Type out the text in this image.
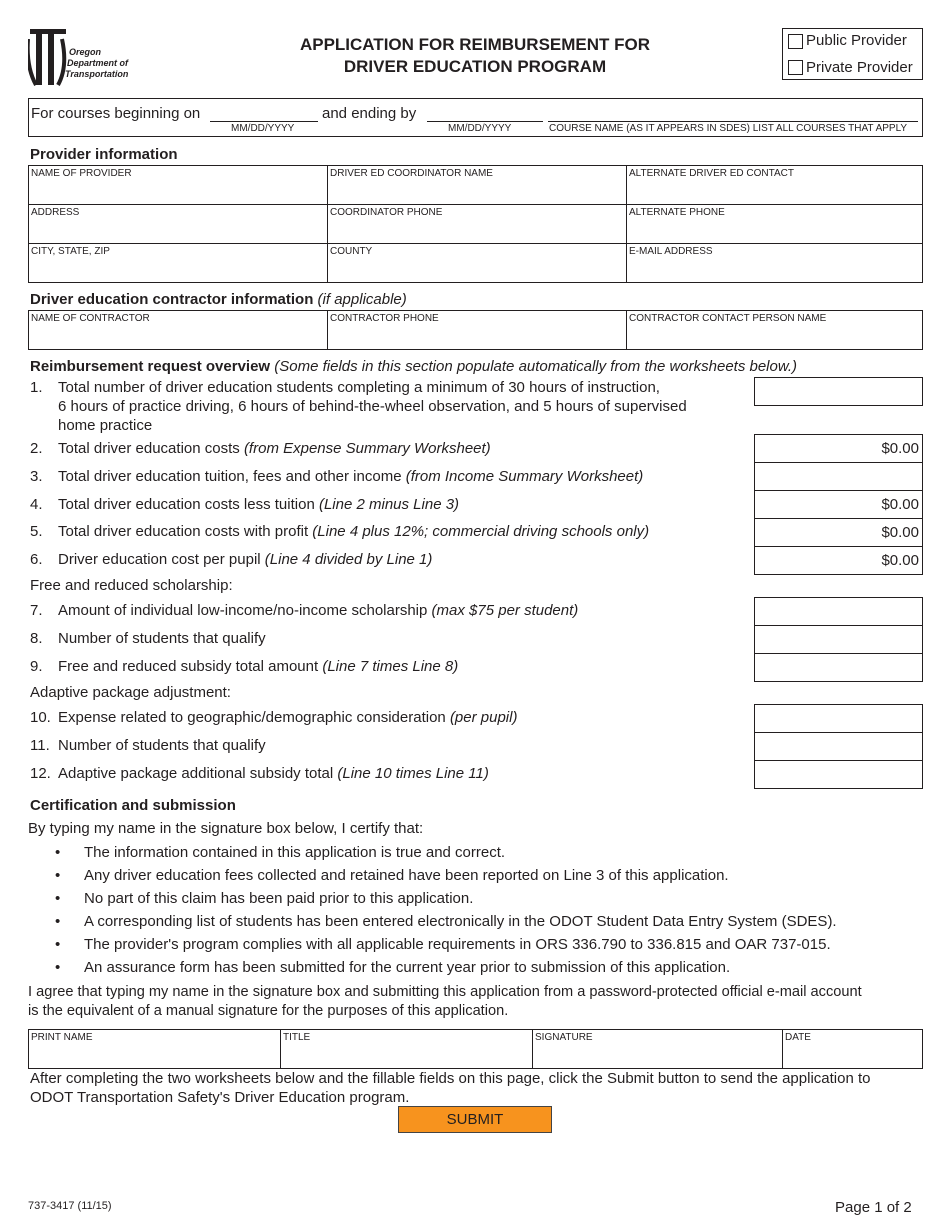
Oregon
Department of
Transportation
APPLICATION FOR REIMBURSEMENT FOR
DRIVER EDUCATION PROGRAM
Public Provider
Private Provider
For courses beginning on
MM/DD/YYYY
and ending by
MM/DD/YYYY	COURSE NAME (AS IT APPEARS IN SDES) LIST ALL COURSES THAT APPLY
Provider information
NAME OF PROVIDER	DRIVER ED COORDINATOR NAME	ALTERNATE DRIVER ED CONTACT
ADDRESS	COORDINATOR PHONE	ALTERNATE PHONE
CITY, STATE, ZIP	COUNTY	E-MAIL ADDRESS
Driver education contractor information (if applicable)
NAME OF CONTRACTOR	CONTRACTOR PHONE	CONTRACTOR CONTACT PERSON NAME
Reimbursement request overview (Some fields in this section populate automatically from the worksheets below.)
1. Total number of driver education students completing a minimum of 30 hours of instruction,
6 hours of practice driving, 6 hours of behind-the-wheel observation, and 5 hours of supervised
home practice
2. Total driver education costs (from Expense Summary Worksheet)	$0.00
3. Total driver education tuition, fees and other income (from Income Summary Worksheet)
4. Total driver education costs less tuition (Line 2 minus Line 3)	$0.00
5. Total driver education costs with profit (Line 4 plus 12%; commercial driving schools only)	$0.00
6. Driver education cost per pupil (Line 4 divided by Line 1)	$0.00
Free and reduced scholarship:
7. Amount of individual low-income/no-income scholarship (max $75 per student)
8. Number of students that qualify
9. Free and reduced subsidy total amount (Line 7 times Line 8)
Adaptive package adjustment:
10. Expense related to geographic/demographic consideration (per pupil)
11. Number of students that qualify
12. Adaptive package additional subsidy total (Line 10 times Line 11)
Certification and submission
By typing my name in the signature box below, I certify that:
• The information contained in this application is true and correct.
• Any driver education fees collected and retained have been reported on Line 3 of this application.
• No part of this claim has been paid prior to this application.
• A corresponding list of students has been entered electronically in the ODOT Student Data Entry System (SDES).
• The provider's program complies with all applicable requirements in ORS 336.790 to 336.815 and OAR 737-015.
• An assurance form has been submitted for the current year prior to submission of this application.
I agree that typing my name in the signature box and submitting this application from a password-protected official e-mail account
is the equivalent of a manual signature for the purposes of this application.
PRINT NAME	TITLE	SIGNATURE	DATE
After completing the two worksheets below and the fillable fields on this page, click the Submit button to send the application to
ODOT Transportation Safety's Driver Education program.
SUBMIT
737-3417 (11/15)	Page 1 of 2
